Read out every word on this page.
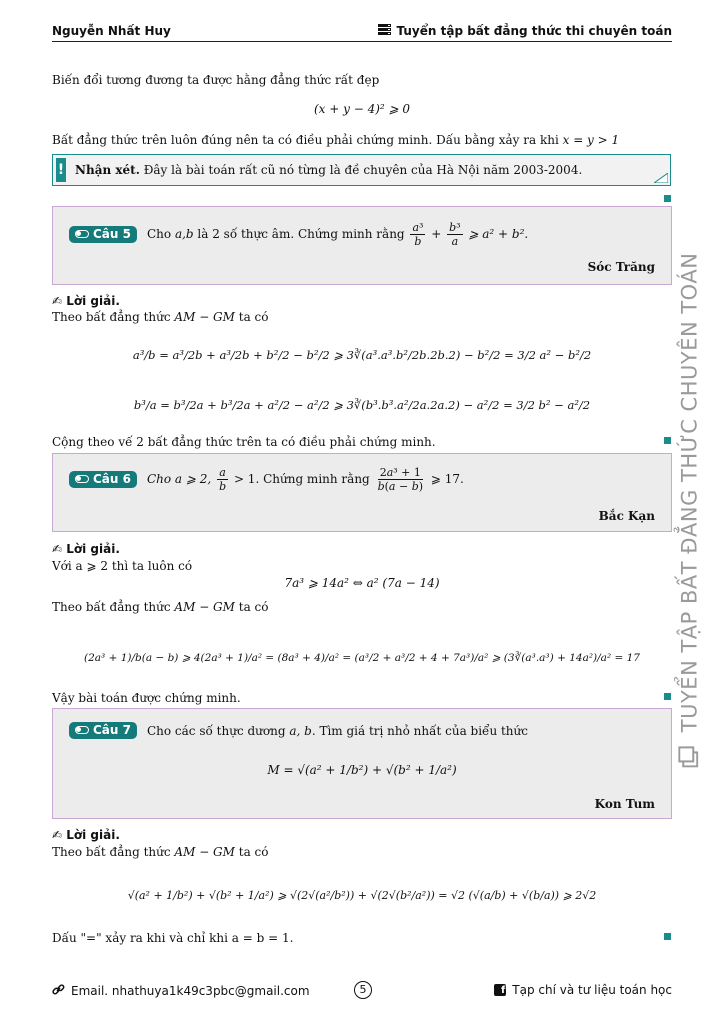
Nguyễn Nhất Huy	Tuyển tập bất đẳng thức thi chuyên toán
Biến đổi tương đương ta được hằng đẳng thức rất đẹp
(x + y − 4)² ⩾ 0
Bất đẳng thức trên luôn đúng nên ta có điều phải chứng minh. Dấu bằng xảy ra khi x = y > 1
! Nhận xét. Đây là bài toán rất cũ nó từng là đề chuyên của Hà Nội năm 2003-2004.
Câu 5 Cho a,b là 2 số thực âm. Chứng minh rằng $\frac{\text{a³}}{b} + \frac{\text{b³}}{a}$ ⩾ a² + b².
Sóc Trăng
✍ Lời giải.
Theo bất đẳng thức AM − GM ta có
a³/b = a³/2b + a³/2b + b²/2 − b²/2 ⩾ 3∛(a³.a³.b²/2b.2b.2) − b²/2 = 3/2 a² − b²/2
b³/a = b³/2a + b³/2a + a²/2 − a²/2 ⩾ 3∛(b³.b³.a²/2a.2a.2) − a²/2 = 3/2 b² − a²/2
Cộng theo vế 2 bất đẳng thức trên ta có điều phải chứng minh.
Câu 6 Cho a ⩾ 2, $\frac{a}{b} > 1$. Chứng minh rằng $\frac{\text{2a³ + 1}}{b(a - b)}$ ⩾ 17.
Bắc Kạn
✍ Lời giải.
Với a ⩾ 2 thì ta luôn có
7a³ ⩾ 14a² ⇔ a² (7a − 14)
Theo bất đẳng thức AM − GM ta có
(2a³ + 1)/b(a − b) ⩾ 4(2a³ + 1)/a² = (8a³ + 4)/a² = (a³/2 + a³/2 + 4 + 7a³)/a² ⩾ (3∛(a³.a³) + 14a²)/a² = 17
Vậy bài toán được chứng minh.
Câu 7 Cho các số thực dương a, b. Tìm giá trị nhỏ nhất của biểu thức
M = √(a² + 1/b²) + √(b² + 1/a²)
Kon Tum
✍ Lời giải.
Theo bất đẳng thức AM − GM ta có
√(a² + 1/b²) + √(b² + 1/a²) ⩾ √(2√(a²/b²)) + √(2√(b²/a²)) = √2 (√(a/b) + √(b/a)) ⩾ 2√2
Dấu "=" xảy ra khi và chỉ khi a = b = 1.
TUYỂN TẬP BẤT ĐẲNG THỨC CHUYÊN TOÁN
Email. nhathuya1k49c3pbc@gmail.com	5	f Tạp chí và tư liệu toán học
